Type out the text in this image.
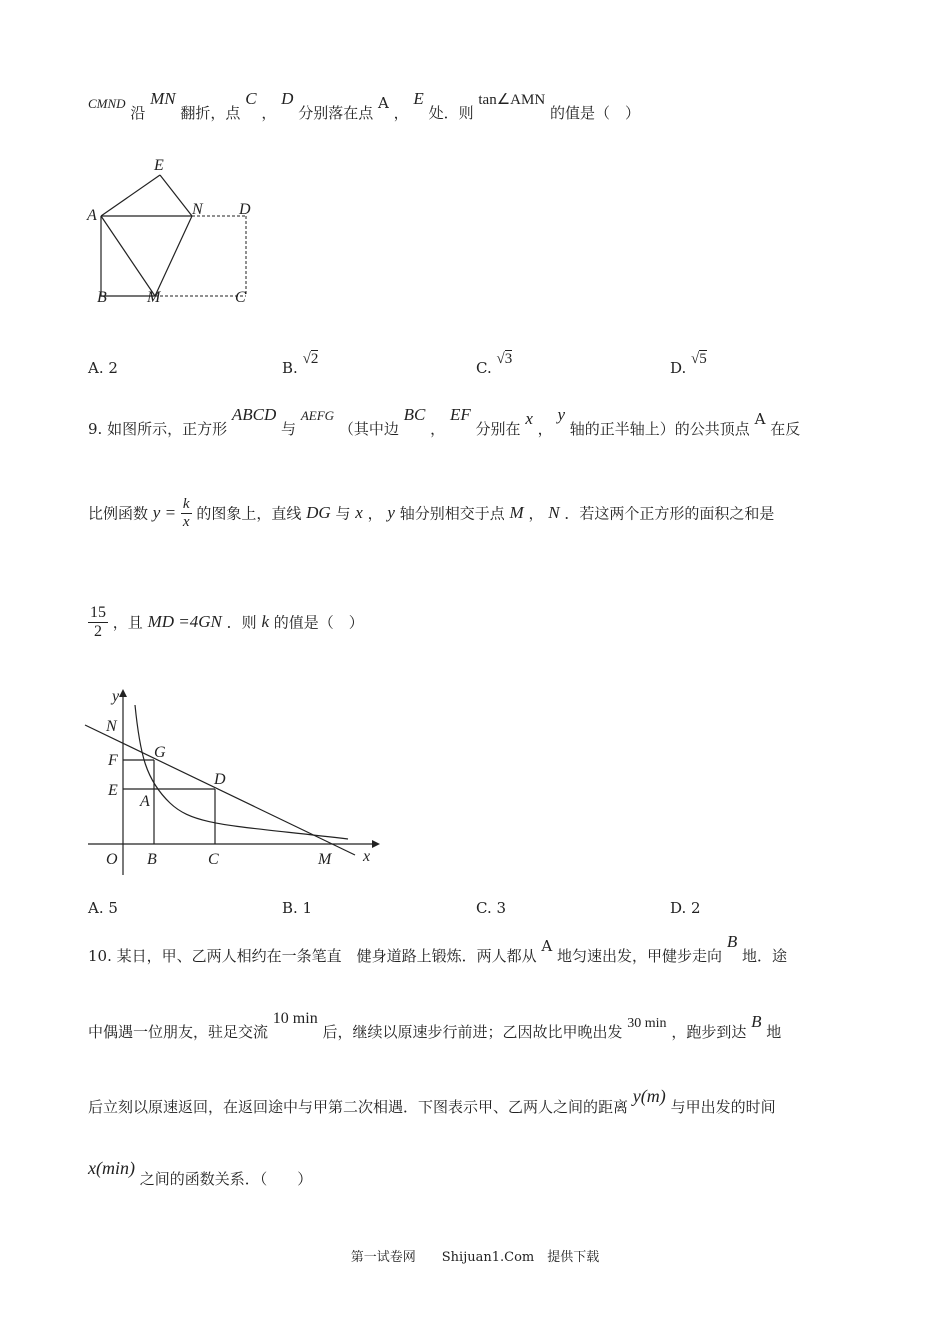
CMND 沿 MN 翻折，点 C ， D 分别落在点 A ， E 处．则 tan∠AMN 的值是（　）
E
A	N D
B	M	C
A. 2	B. √2	C. √3	D. √5
9. 如图所示，正方形 ABCD 与 AEFG （其中边 BC ， EF 分别在 x ， y 轴的正半轴上）的公共顶点 A 在反
比例函数 $y = \frac{k}{x}$ 的图象上，直线 DG 与 x ， y 轴分别相交于点 M ， N ．若这两个正方形的面积之和是
$\frac{15}{2}$ ，且 MD =4GN ．则 k 的值是（　）
y
N
F G
E
D
A
O B	C	M x
A. 5	B. 1	C. 3	D. 2
10. 某日，甲、乙两人相约在一条笔直　健身道路上锻炼．两人都从 A 地匀速出发，甲健步走向 B 地．途
中偶遇一位朋友，驻足交流 10 min 后，继续以原速步行前进；乙因故比甲晚出发 30 min ，跑步到达 B 地
后立刻以原速返回，在返回途中与甲第二次相遇．下图表示甲、乙两人之间的距离 y(m) 与甲出发的时间
x(min) 之间的函数关系．（　　）
第一试卷网　　Shijuan1.Com　提供下载
